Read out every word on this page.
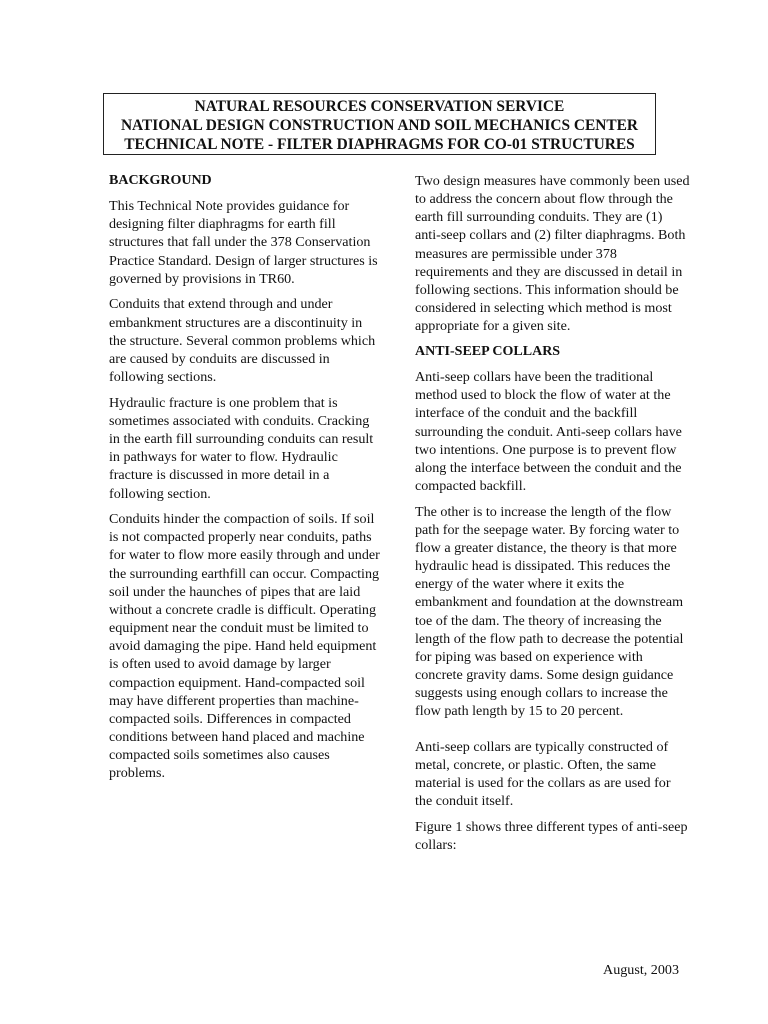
NATURAL RESOURCES CONSERVATION SERVICE
NATIONAL DESIGN CONSTRUCTION AND SOIL MECHANICS CENTER
TECHNICAL NOTE - FILTER DIAPHRAGMS FOR CO-01 STRUCTURES
BACKGROUND
This Technical Note provides guidance for designing filter diaphragms for earth fill structures that fall under the 378 Conservation Practice Standard. Design of larger structures is governed by provisions in TR60.
Conduits that extend through and under embankment structures are a discontinuity in the structure. Several common problems which are caused by conduits are discussed in following sections.
Hydraulic fracture is one problem that is sometimes associated with conduits. Cracking in the earth fill surrounding conduits can result in pathways for water to flow. Hydraulic fracture is discussed in more detail in a following section.
Conduits hinder the compaction of soils. If soil is not compacted properly near conduits, paths for water to flow more easily through and under the surrounding earthfill can occur. Compacting soil under the haunches of pipes that are laid without a concrete cradle is difficult. Operating equipment near the conduit must be limited to avoid damaging the pipe. Hand held equipment is often used to avoid damage by larger compaction equipment. Hand-compacted soil may have different properties than machine-compacted soils. Differences in compacted conditions between hand placed and machine compacted soils sometimes also causes problems.
Two design measures have commonly been used to address the concern about flow through the earth fill surrounding conduits. They are (1) anti-seep collars and (2) filter diaphragms. Both measures are permissible under 378 requirements and they are discussed in detail in following sections. This information should be considered in selecting which method is most appropriate for a given site.
ANTI-SEEP COLLARS
Anti-seep collars have been the traditional method used to block the flow of water at the interface of the conduit and the backfill surrounding the conduit. Anti-seep collars have two intentions. One purpose is to prevent flow along the interface between the conduit and the compacted backfill.
The other is to increase the length of the flow path for the seepage water. By forcing water to flow a greater distance, the theory is that more hydraulic head is dissipated. This reduces the energy of the water where it exits the embankment and foundation at the downstream toe of the dam. The theory of increasing the length of the flow path to decrease the potential for piping was based on experience with concrete gravity dams. Some design guidance suggests using enough collars to increase the flow path length by 15 to 20 percent.
Anti-seep collars are typically constructed of metal, concrete, or plastic. Often, the same material is used for the collars as are used for the conduit itself.
Figure 1 shows three different types of anti-seep collars:
August, 2003
